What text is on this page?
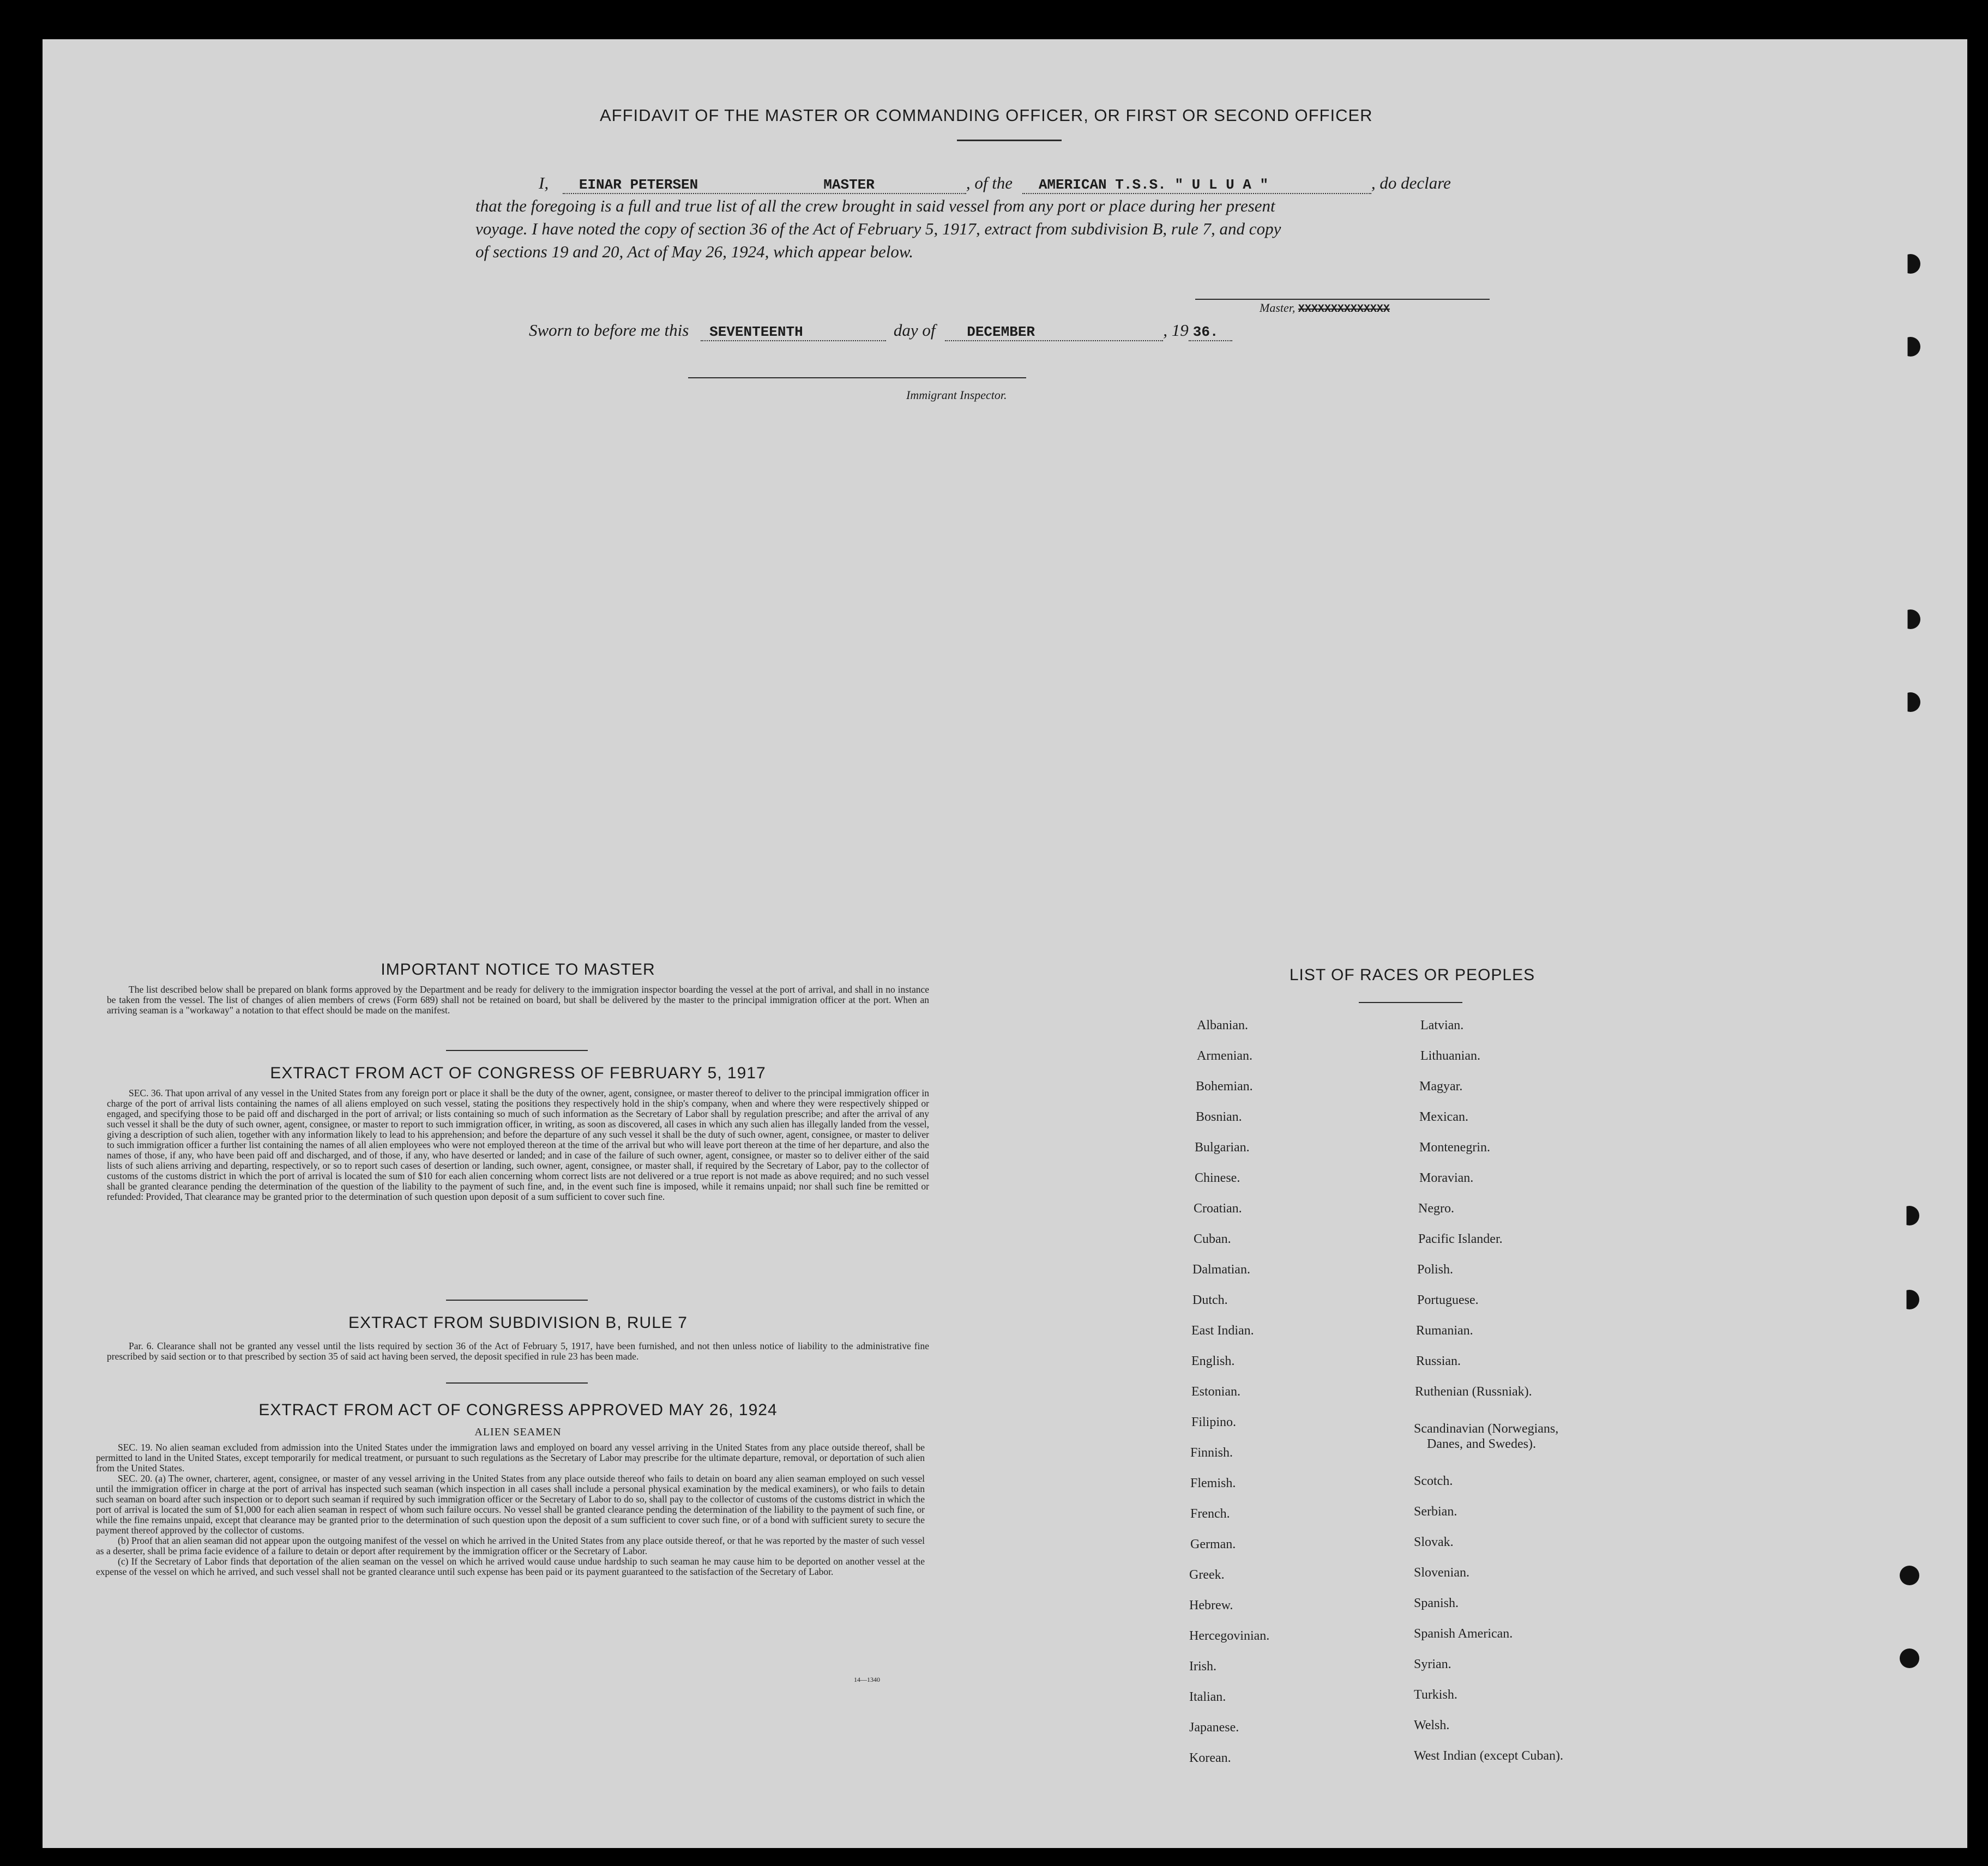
AFFIDAVIT OF THE MASTER OR COMMANDING OFFICER, OR FIRST OR SECOND OFFICER
I, EINAR PETERSEN	MASTER	, of the AMERICAN T.S.S. " U L U A "	, do declare
that the foregoing is a full and true list of all the crew brought in said vessel from any port or place during her present
voyage. I have noted the copy of section 36 of the Act of February 5, 1917, extract from subdivision B, rule 7, and copy
of sections 19 and 20, Act of May 26, 1924, which appear below.
Master, XXXXXXXXXXXXXX
Sworn to before me this SEVENTEENTH	day of DECEMBER	, 19 36.
Immigrant Inspector.
IMPORTANT NOTICE TO MASTER

The list described below shall be prepared on blank forms approved by the Department and be ready for delivery to the immigration inspector boarding the vessel at the port of arrival, and shall in no instance be taken from the vessel. The list of changes of alien members of crews (Form 689) shall not be retained on board, but shall be delivered by the master to the principal immigration officer at the port. When an arriving seaman is a "workaway" a notation to that effect should be made on the manifest.

EXTRACT FROM ACT OF CONGRESS OF FEBRUARY 5, 1917

SEC. 36. That upon arrival of any vessel in the United States from any foreign port or place it shall be the duty of the owner, agent, consignee, or master thereof to deliver to the principal immigration officer in charge of the port of arrival lists containing the names of all aliens employed on such vessel, stating the positions they respectively hold in the ship's company, when and where they were respectively shipped or engaged, and specifying those to be paid off and discharged in the port of arrival; or lists containing so much of such information as the Secretary of Labor shall by regulation prescribe; and after the arrival of any such vessel it shall be the duty of such owner, agent, consignee, or master to report to such immigration officer, in writing, as soon as discovered, all cases in which any such alien has illegally landed from the vessel, giving a description of such alien, together with any information likely to lead to his apprehension; and before the departure of any such vessel it shall be the duty of such owner, agent, consignee, or master to deliver to such immigration officer a further list containing the names of all alien employees who were not employed thereon at the time of the arrival but who will leave port thereon at the time of her departure, and also the names of those, if any, who have been paid off and discharged, and of those, if any, who have deserted or landed; and in case of the failure of such owner, agent, consignee, or master so to deliver either of the said lists of such aliens arriving and departing, respectively, or so to report such cases of desertion or landing, such owner, agent, consignee, or master shall, if required by the Secretary of Labor, pay to the collector of customs of the customs district in which the port of arrival is located the sum of $10 for each alien concerning whom correct lists are not delivered or a true report is not made as above required; and no such vessel shall be granted clearance pending the determination of the question of the liability to the payment of such fine, and, in the event such fine is imposed, while it remains unpaid; nor shall such fine be remitted or refunded: Provided, That clearance may be granted prior to the determination of such question upon deposit of a sum sufficient to cover such fine.

EXTRACT FROM SUBDIVISION B, RULE 7

Par. 6. Clearance shall not be granted any vessel until the lists required by section 36 of the Act of February 5, 1917, have been furnished, and not then unless notice of liability to the administrative fine prescribed by said section or to that prescribed by section 35 of said act having been served, the deposit specified in rule 23 has been made.

EXTRACT FROM ACT OF CONGRESS APPROVED MAY 26, 1924
ALIEN SEAMEN

SEC. 19. No alien seaman excluded from admission into the United States under the immigration laws and employed on board any vessel arriving in the United States from any place outside thereof, shall be permitted to land in the United States, except temporarily for medical treatment, or pursuant to such regulations as the Secretary of Labor may prescribe for the ultimate departure, removal, or deportation of such alien from the United States.

SEC. 20. (a) The owner, charterer, agent, consignee, or master of any vessel arriving in the United States from any place outside thereof who fails to detain on board any alien seaman employed on such vessel until the immigration officer in charge at the port of arrival has inspected such seaman (which inspection in all cases shall include a personal physical examination by the medical examiners), or who fails to detain such seaman on board after such inspection or to deport such seaman if required by such immigration officer or the Secretary of Labor to do so, shall pay to the collector of customs of the customs district in which the port of arrival is located the sum of $1,000 for each alien seaman in respect of whom such failure occurs. No vessel shall be granted clearance pending the determination of the liability to the payment of such fine, or while the fine remains unpaid, except that clearance may be granted prior to the determination of such question upon the deposit of a sum sufficient to cover such fine, or of a bond with sufficient surety to secure the payment thereof approved by the collector of customs.

(b) Proof that an alien seaman did not appear upon the outgoing manifest of the vessel on which he arrived in the United States from any place outside thereof, or that he was reported by the master of such vessel as a deserter, shall be prima facie evidence of a failure to detain or deport after requirement by the immigration officer or the Secretary of Labor.

(c) If the Secretary of Labor finds that deportation of the alien seaman on the vessel on which he arrived would cause undue hardship to such seaman he may cause him to be deported on another vessel at the expense of the vessel on which he arrived, and such vessel shall not be granted clearance until such expense has been paid or its payment guaranteed to the satisfaction of the Secretary of Labor.

14—1340
LIST OF RACES OR PEOPLES
Albanian.
Armenian.
Bohemian.
Bosnian.
Bulgarian.
Chinese.
Croatian.
Cuban.
Dalmatian.
Dutch.
East Indian.
English.
Estonian.
Filipino.
Finnish.
Flemish.
French.
German.
Greek.
Hebrew.
Hercegovinian.
Irish.
Italian.
Japanese.
Korean.
Latvian.
Lithuanian.
Magyar.
Mexican.
Montenegrin.
Moravian.
Negro.
Pacific Islander.
Polish.
Portuguese.
Rumanian.
Russian.
Ruthenian (Russniak).
Scandinavian (Norwegians,
Danes, and Swedes).
Scotch.
Serbian.
Slovak.
Slovenian.
Spanish.
Spanish American.
Syrian.
Turkish.
Welsh.
West Indian (except Cuban).
